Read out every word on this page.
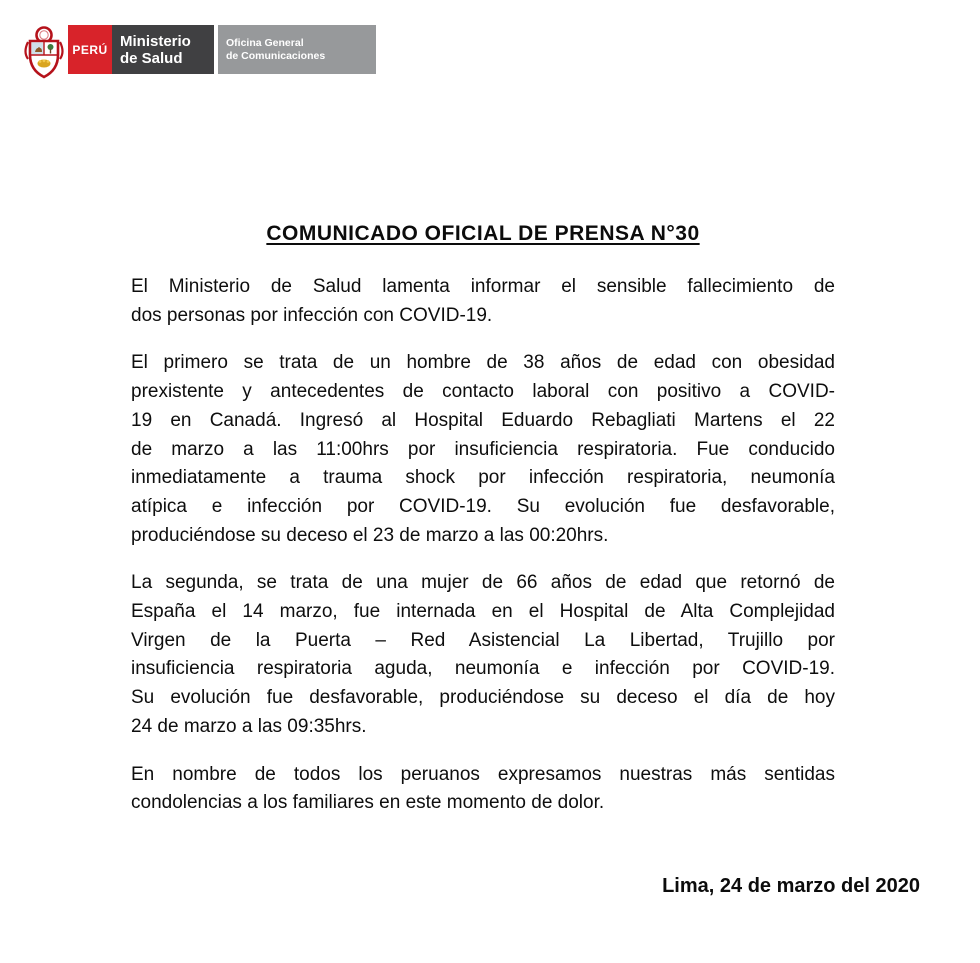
PERÚ Ministerio
de Salud
Oficina General
de Comunicaciones
COMUNICADO OFICIAL DE PRENSA N°30
El Ministerio de Salud lamenta informar el sensible fallecimiento de
dos personas por infección con COVID-19.
El primero se trata de un hombre de 38 años de edad con obesidad
prexistente y antecedentes de contacto laboral con positivo a COVID-
19 en Canadá. Ingresó al Hospital Eduardo Rebagliati Martens el 22
de marzo a las 11:00hrs por insuficiencia respiratoria. Fue conducido
inmediatamente a trauma shock por infección respiratoria, neumonía
atípica e infección por COVID-19. Su evolución fue desfavorable,
produciéndose su deceso el 23 de marzo a las 00:20hrs.
La segunda, se trata de una mujer de 66 años de edad que retornó de
España el 14 marzo, fue internada en el Hospital de Alta Complejidad
Virgen de la Puerta – Red Asistencial La Libertad, Trujillo por
insuficiencia respiratoria aguda, neumonía e infección por COVID-19.
Su evolución fue desfavorable, produciéndose su deceso el día de hoy
24 de marzo a las 09:35hrs.
En nombre de todos los peruanos expresamos nuestras más sentidas
condolencias a los familiares en este momento de dolor.
Lima, 24 de marzo del 2020
